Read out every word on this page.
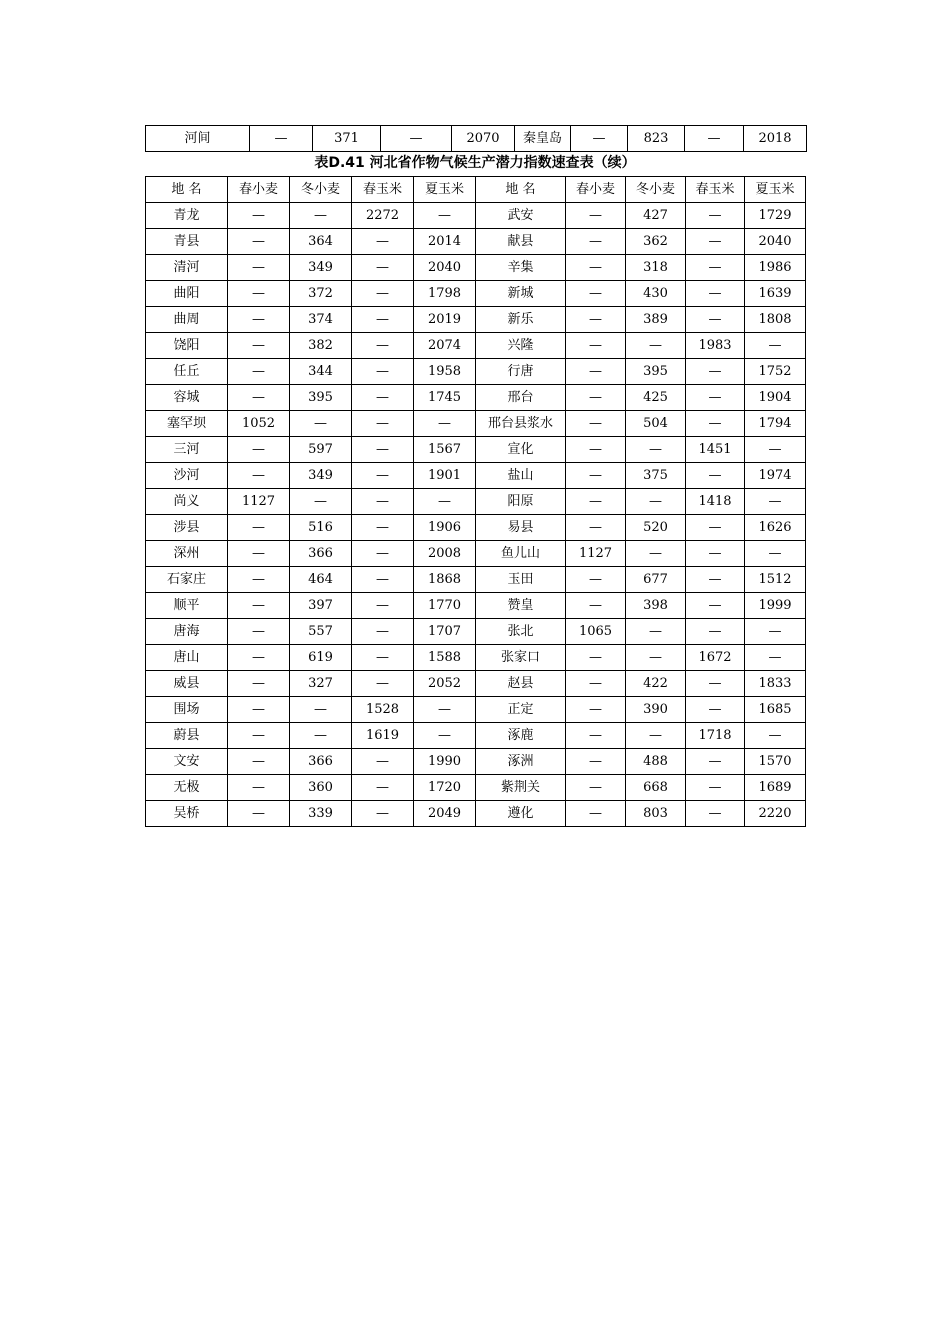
河间	—	371	—	2070	秦皇岛	—	823	—	2018
表D.41 河北省作物气候生产潜力指数速查表（续）
地 名	春小麦	冬小麦	春玉米	夏玉米	地 名	春小麦	冬小麦	春玉米	夏玉米
青龙	—	—	2272	—	武安	—	427	—	1729
青县	—	364	—	2014	献县	—	362	—	2040
清河	—	349	—	2040	辛集	—	318	—	1986
曲阳	—	372	—	1798	新城	—	430	—	1639
曲周	—	374	—	2019	新乐	—	389	—	1808
饶阳	—	382	—	2074	兴隆	—	—	1983	—
任丘	—	344	—	1958	行唐	—	395	—	1752
容城	—	395	—	1745	邢台	—	425	—	1904
塞罕坝	1052	—	—	—	邢台县浆水	—	504	—	1794
三河	—	597	—	1567	宣化	—	—	1451	—
沙河	—	349	—	1901	盐山	—	375	—	1974
尚义	1127	—	—	—	阳原	—	—	1418	—
涉县	—	516	—	1906	易县	—	520	—	1626
深州	—	366	—	2008	鱼儿山	1127	—	—	—
石家庄	—	464	—	1868	玉田	—	677	—	1512
顺平	—	397	—	1770	赞皇	—	398	—	1999
唐海	—	557	—	1707	张北	1065	—	—	—
唐山	—	619	—	1588	张家口	—	—	1672	—
威县	—	327	—	2052	赵县	—	422	—	1833
围场	—	—	1528	—	正定	—	390	—	1685
蔚县	—	—	1619	—	涿鹿	—	—	1718	—
文安	—	366	—	1990	涿洲	—	488	—	1570
无极	—	360	—	1720	紫荆关	—	668	—	1689
吴桥	—	339	—	2049	遵化	—	803	—	2220
